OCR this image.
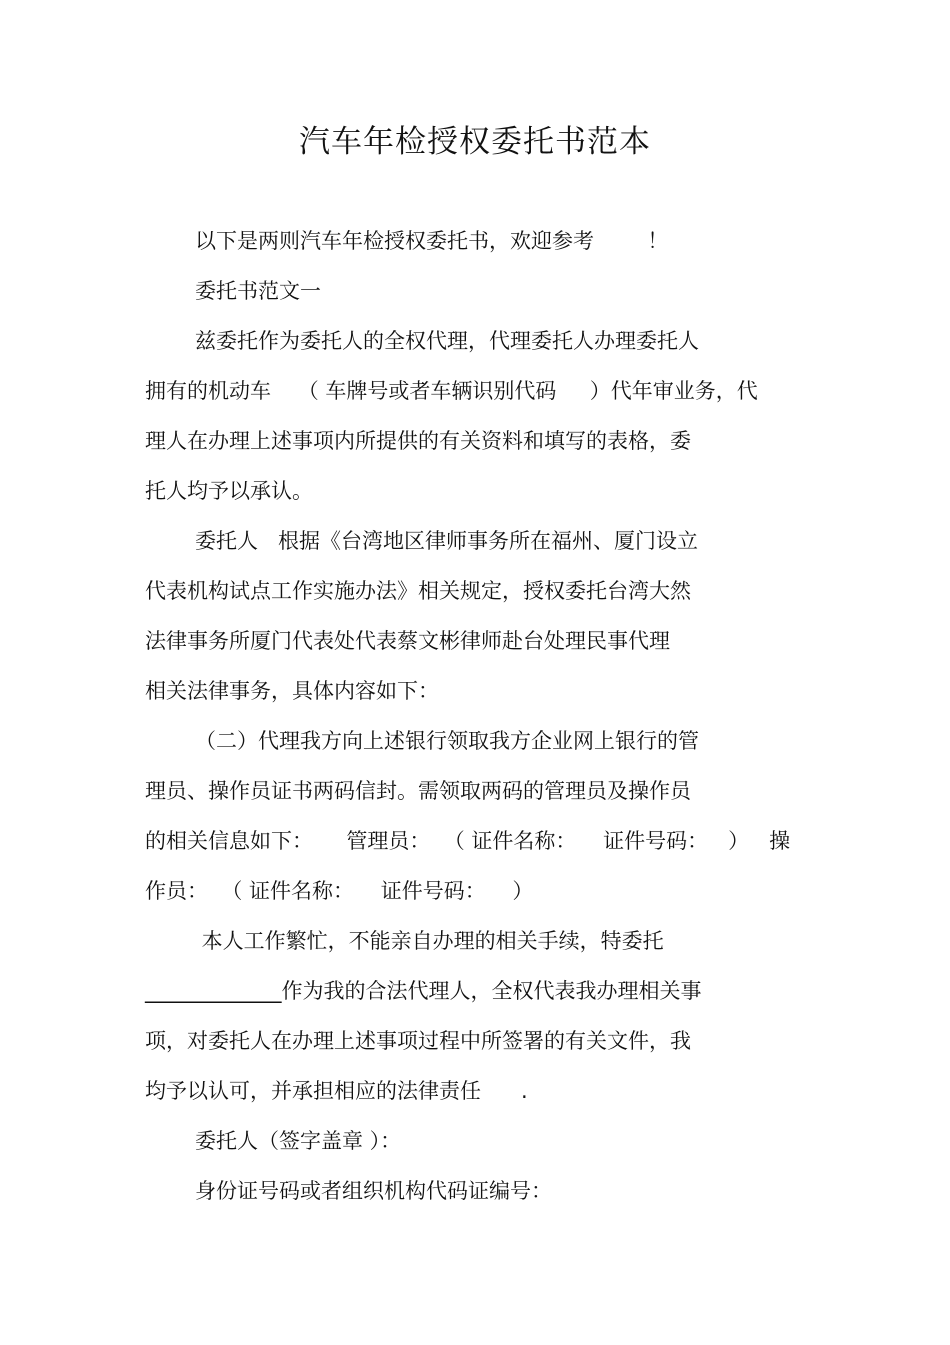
汽车年检授权委托书范本
以下是两则汽车年检授权委托书，欢迎参考        ！
委托书范文一
兹委托作为委托人的全权代理，代理委托人办理委托人
拥有的机动车    （ 车牌号或者车辆识别代码     ）代年审业务，代
理人在办理上述事项内所提供的有关资料和填写的表格，委
托人均予以承认。
委托人   根据《台湾地区律师事务所在福州、厦门设立
代表机构试点工作实施办法》相关规定，授权委托台湾大然
法律事务所厦门代表处代表蔡文彬律师赴台处理民事代理
相关法律事务，具体内容如下：
（二）代理我方向上述银行领取我方企业网上银行的管
理员、操作员证书两码信封。需领取两码的管理员及操作员
的相关信息如下：     管理员：  （ 证件名称：    证件号码：   ）   操
作员：  （ 证件名称：    证件号码：    ）
本人工作繁忙，不能亲自办理的相关手续，特委托
_____________作为我的合法代理人，全权代表我办理相关事
项，对委托人在办理上述事项过程中所签署的有关文件，我
均予以认可，并承担相应的法律责任      .
委托人（签字盖章 ）：
身份证号码或者组织机构代码证编号：
